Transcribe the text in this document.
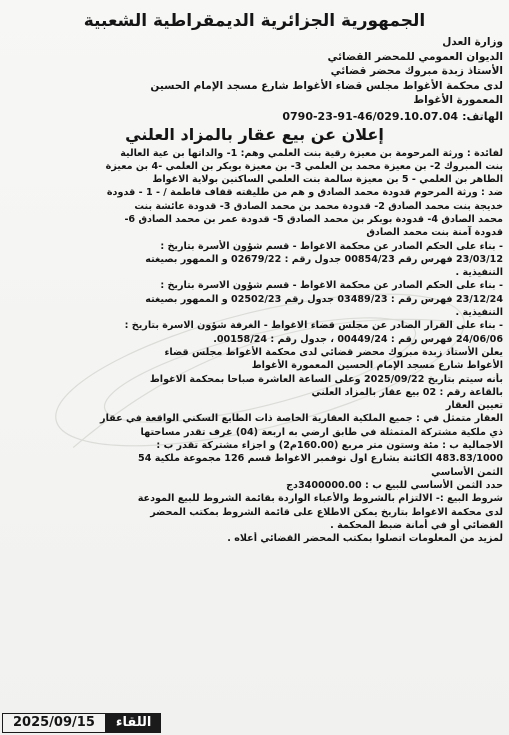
الجمهورية الجزائرية الديمقراطية الشعبية
وزارة العدل
الديوان العمومي للمحضر القضائي
الأستاذ زبدة مبروك محضر قضائي
لدى محكمة الأغواط مجلس قضاء الأغواط شارع مسجد الإمام الحسين
المعمورة الأغواط
الهاتف:
0790-23-91-46/029.10.07.04
إعلان عن بيع عقار بالمزاد العلني
لفائدة : ورثة المرحومة بن معيزة رقية بنت العلمي وهم: 1- والداتها بن عية العالية
بنت المبروك 2- بن معيزة محمد بن العلمي 3- بن معيزة بوبكر بن العلمي -4 بن معيزة
الطاهر بن العلمي - 5 بن معيزة سالمة بنت العلمي الساكنين بولاية الاغواط
ضد : ورثة المرحوم قدودة محمد الصادق و هم من طليقته قفاف فاطمة / - 1 - قدودة
خديجة بنت محمد الصادق 2- قدودة محمد بن محمد الصادق 3- قدودة عائشة بنت
محمد الصادق 4- قدودة بوبكر بن محمد الصادق 5- قدودة عمر بن محمد الصادق 6-
قدودة آمنة بنت محمد الصادق
- بناء على الحكم الصادر عن محكمة الاغواط - قسم شؤون الأسرة بتاريخ :
23/03/12 فهرس رقم 00854/23 جدول رقم : 02679/22 و الممهور بصيغته
التنفيذية .
- بناء على الحكم الصادر عن محكمة الاغواط - قسم شؤون الاسرة بتاريخ :
23/12/24 فهرس رقم : 03489/23 جدول رقم 02502/23 و الممهور بصيغته
التنفيذية .
- بناء على القرار الصادر عن مجلس قضاء الاغواط - الغرفة شؤون الاسرة بتاريخ :
24/06/06 فهرس رقم : 00449/24 ، جدول رقم : 00158/24.
يعلن الأستاذ زبدة مبروك محضر قضائي لدى محكمة الأغواط مجلس قضاء
الأغواط شارع مسجد الإمام الحسين المعمورة الأغواط
بأنه سيتم بتاريخ 2025/09/22 وعلى الساعة العاشرة صباحا بمحكمة الاغواط
بالقاعة رقم : 02 بيع عقار بالمزاد العلني
تعيين العقار
العقار متمثل في : جميع الملكية العقارية الخاصة ذات الطابع السكني الواقعة في عقار
ذي ملكية مشتركة المتمثلة في طابق ارضي به اربعة (04) غرف تقدر مساحتها
الاجمالية ب : مئة وستون متر مربع (160.00م2) و اجزاء مشتركة تقدر ب :
483.83/1000 الكائنة بشارع اول نوفمبر الاغواط قسم 126 مجموعة ملكية 54
الثمن الأساسي
حدد الثمن الأساسي للبيع ب : 3400000.00دج
شروط البيع :- الالتزام بالشروط والأعباء الواردة بقائمة الشروط للبيع المودعة
لدى محكمة الاغواط بتاريخ يمكن الاطلاع على قائمة الشروط بمكتب المحضر
القضائي أو في أمانة ضبط المحكمة .
لمزيد من المعلومات اتصلوا بمكتب المحضر القضائي أعلاه .
2025/09/15	اللقاء
